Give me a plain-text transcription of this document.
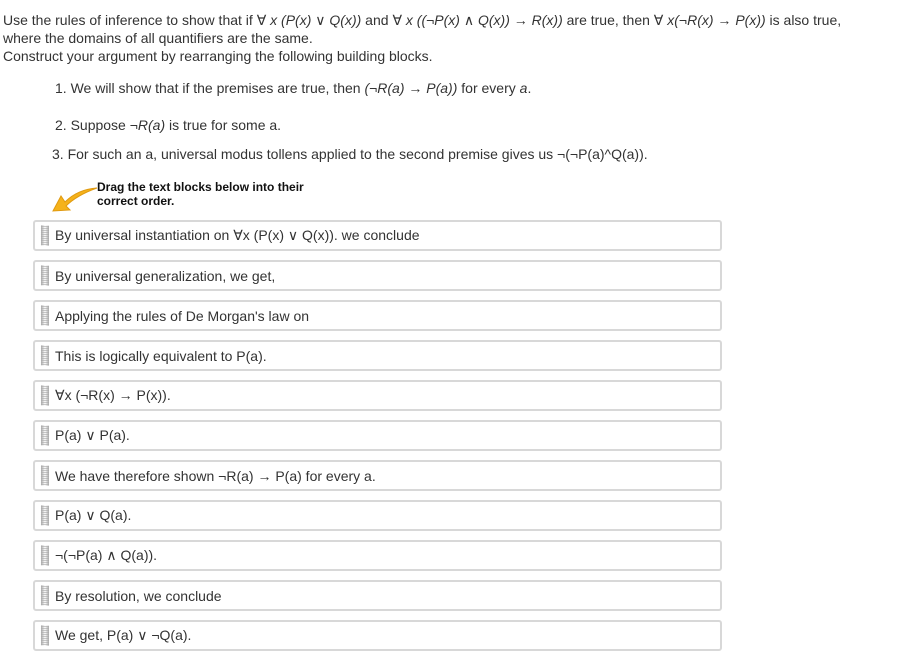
Use the rules of inference to show that if ∀ x (P(x) ∨ Q(x)) and ∀ x ((¬P(x) ∧ Q(x)) → R(x)) are true, then ∀ x(¬R(x) → P(x)) is also true,
where the domains of all quantifiers are the same.
Construct your argument by rearranging the following building blocks.
1. We will show that if the premises are true, then (¬R(a) → P(a)) for every a.
2. Suppose ¬R(a) is true for some a.
3. For such an a, universal modus tollens applied to the second premise gives us ¬(¬P(a)^Q(a)).
Drag the text blocks below into their
correct order.
By universal instantiation on ∀x (P(x) ∨ Q(x)). we conclude
By universal generalization, we get,
Applying the rules of De Morgan's law on
This is logically equivalent to P(a).
∀x (¬R(x) → P(x)).
P(a) ∨ P(a).
We have therefore shown ¬R(a) → P(a) for every a.
P(a) ∨ Q(a).
¬(¬P(a) ∧ Q(a)).
By resolution, we conclude
We get, P(a) ∨ ¬Q(a).
